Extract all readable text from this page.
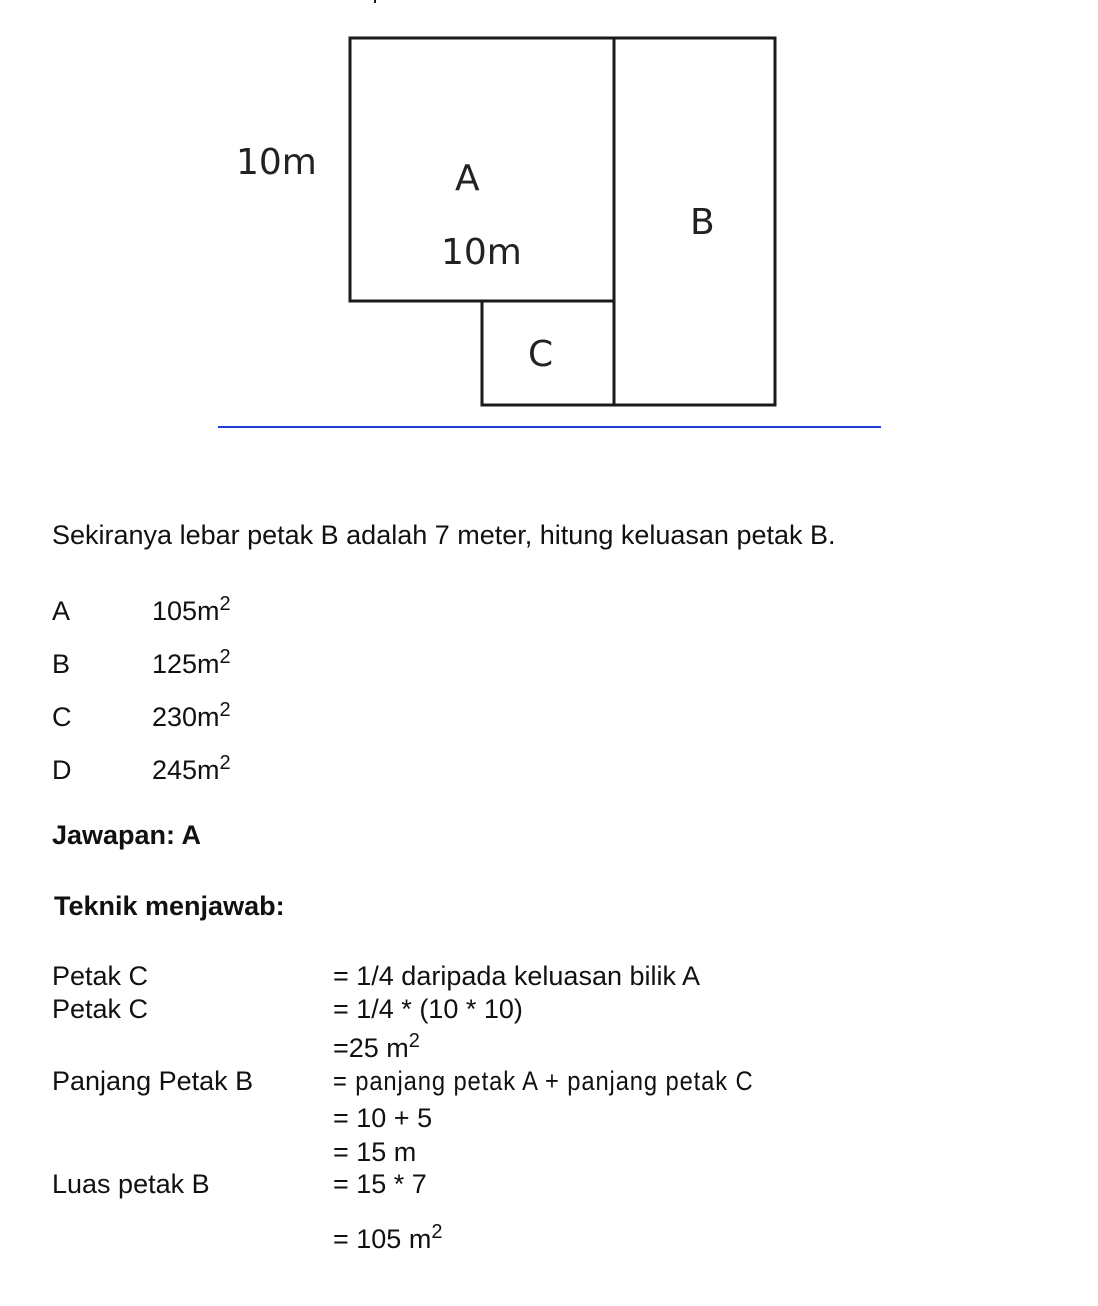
10m	A
10m
B
C
Sekiranya lebar petak B adalah 7 meter, hitung keluasan petak B.
A	$105m^2$
B	$125m^2$
C	$230m^2$
D	$245m^2$
Jawapan: A
Teknik menjawab:
Petak C	= 1/4 daripada keluasan bilik A
Petak C	= 1/4 * (10 * 10)
=25 $m^2$
Panjang Petak B	= panjang petak A + panjang petak C
= 10 + 5
= 15 m
Luas petak B	= 15 * 7
= 105 $m^2$
